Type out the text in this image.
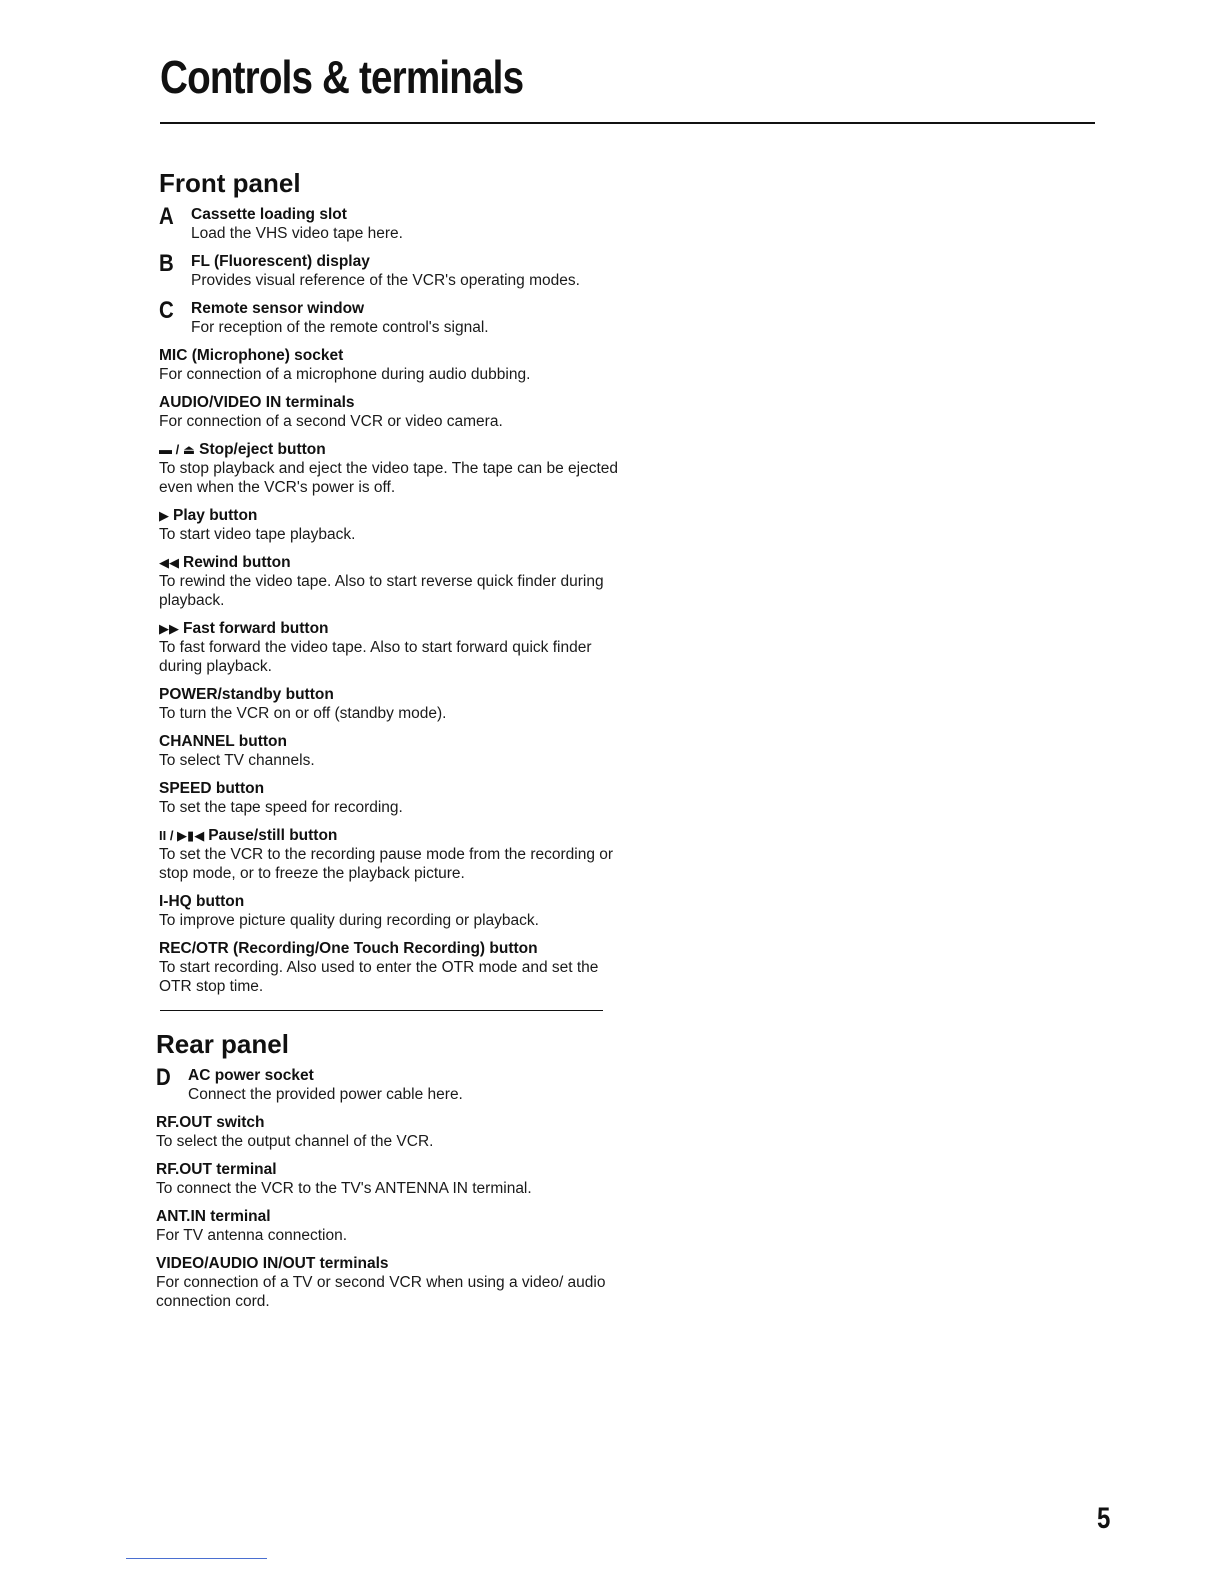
Controls & terminals
Front panel
A Cassette loading slot
Load the VHS video tape here.
B FL (Fluorescent) display
Provides visual reference of the VCR's operating modes.
C Remote sensor window
For reception of the remote control's signal.
MIC (Microphone) socket
For connection of a microphone during audio dubbing.
AUDIO/VIDEO IN terminals
For connection of a second VCR or video camera.
▬ / ⏏ Stop/eject button
To stop playback and eject the video tape. The tape can be ejected even when the VCR's power is off.
▶ Play button
To start video tape playback.
◀◀ Rewind button
To rewind the video tape. Also to start reverse quick finder during playback.
▶▶ Fast forward button
To fast forward the video tape. Also to start forward quick finder during playback.
POWER/standby button
To turn the VCR on or off (standby mode).
CHANNEL button
To select TV channels.
SPEED button
To set the tape speed for recording.
II / ▶▮◀ Pause/still button
To set the VCR to the recording pause mode from the recording or stop mode, or to freeze the playback picture.
I-HQ button
To improve picture quality during recording or playback.
REC/OTR (Recording/One Touch Recording) button
To start recording. Also used to enter the OTR mode and set the OTR stop time.
Rear panel
D AC power socket
Connect the provided power cable here.
RF.OUT switch
To select the output channel of the VCR.
RF.OUT terminal
To connect the VCR to the TV's ANTENNA IN terminal.
ANT.IN terminal
For TV antenna connection.
VIDEO/AUDIO IN/OUT terminals
For connection of a TV or second VCR when using a video/ audio connection cord.
5
